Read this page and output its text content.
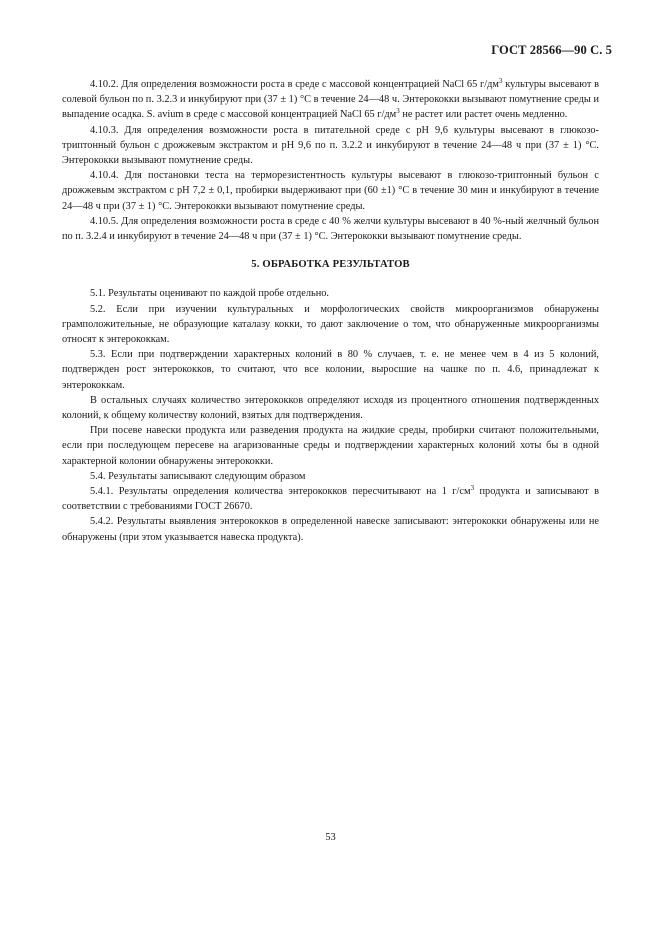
ГОСТ 28566—90 С. 5

4.10.2. Для определения возможности роста в среде с массовой концентрацией NaCl 65 $г/дм^3$ культуры высевают в солевой бульон по п. 3.2.3 и инкубируют при (37 ± 1) °С в течение 24—48 ч. Энтерококки вызывают помутнение среды и выпадение осадка. S. avium в среде с массовой концентрацией NaCl 65 $г/дм^3$ не растет или растет очень медленно.

4.10.3. Для определения возможности роста в питательной среде с рН 9,6 культуры высевают в глюкозо-триптонный бульон с дрожжевым экстрактом и рН 9,6 по п. 3.2.2 и инкубируют в течение 24—48 ч при (37 ± 1) °С. Энтерококки вызывают помутнение среды.

4.10.4. Для постановки теста на терморезистентность культуры высевают в глюкозо-триптонный бульон с дрожжевым экстрактом с рН 7,2 ± 0,1, пробирки выдерживают при (60 ±1) °С в течение 30 мин и инкубируют в течение 24—48 ч при (37 ± 1) °С. Энтерококки вызывают помутнение среды.

4.10.5. Для определения возможности роста в среде с 40 % желчи культуры высевают в 40 %-ный желчный бульон по п. 3.2.4 и инкубируют в течение 24—48 ч при (37 ± 1) °С. Энтерококки вызывают помутнение среды.

5. ОБРАБОТКА РЕЗУЛЬТАТОВ

5.1. Результаты оценивают по каждой пробе отдельно.

5.2. Если при изучении культуральных и морфологических свойств микроорганизмов обнаружены грамположительные, не образующие каталазу кокки, то дают заключение о том, что обнаруженные микроорганизмы относят к энтерококкам.

5.3. Если при подтверждении характерных колоний в 80 % случаев, т. е. не менее чем в 4 из 5 колоний, подтвержден рост энтерококков, то считают, что все колонии, выросшие на чашке по п. 4.6, принадлежат к энтерококкам.

В остальных случаях количество энтерококков определяют исходя из процентного отношения подтвержденных колоний, к общему количеству колоний, взятых для подтверждения.

При посеве навески продукта или разведения продукта на жидкие среды, пробирки считают положительными, если при последующем пересеве на агаризованные среды и подтверждении характерных колоний хоты бы в одной характерной колонии обнаружены энтерококки.

5.4. Результаты записывают следующим образом

5.4.1. Результаты определения количества энтерококков пересчитывают на 1 $г/см^3$ продукта и записывают в соответствии с требованиями ГОСТ 26670.

5.4.2. Результаты выявления энтерококков в определенной навеске записывают: энтерококки обнаружены или не обнаружены (при этом указывается навеска продукта).

53
